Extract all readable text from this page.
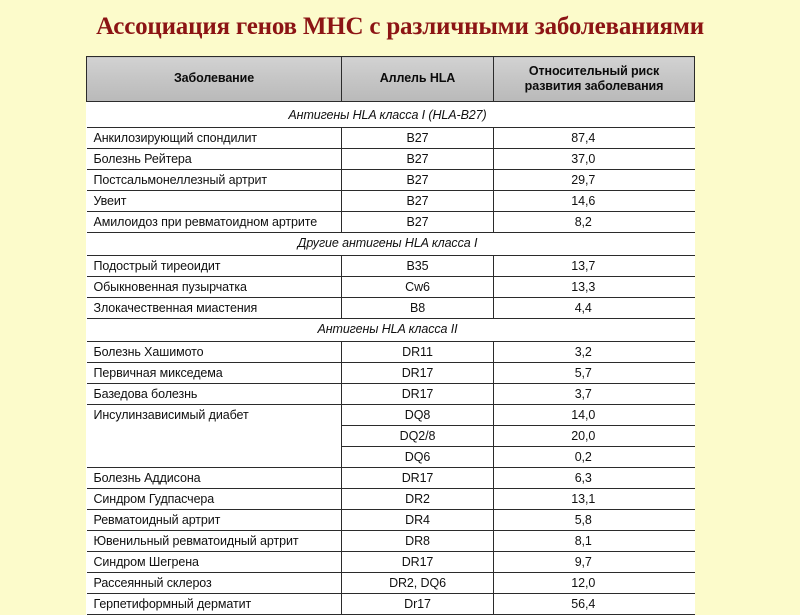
Ассоциация генов МНС с различными заболеваниями
Заболевание	Аллель HLA	Относительный риск
развития заболевания

Антигены HLA класса I (HLA-B27)		
Анкилозирующий спондилит	B27	87,4
Болезнь Рейтера	B27	37,0
Постсальмонеллезный артрит	B27	29,7
Увеит	B27	14,6
Амилоидоз при ревматоидном артрите	B27	8,2
Другие антигены HLA класса I		
Подострый тиреоидит	B35	13,7
Обыкновенная пузырчатка	Cw6	13,3
Злокачественная миастения	B8	4,4
Антигены HLA класса II		
Болезнь Хашимото	DR11	3,2
Первичная микседема	DR17	5,7
Базедова болезнь	DR17	3,7
Инсулинзависимый диабет	DQ8	14,0
	DQ2/8	20,0
	DQ6	0,2
Болезнь Аддисона	DR17	6,3
Синдром Гудпасчера	DR2	13,1
Ревматоидный артрит	DR4	5,8
Ювенильный ревматоидный артрит	DR8	8,1
Синдром Шегрена	DR17	9,7
Рассеянный склероз	DR2, DQ6	12,0
Герпетиформный дерматит	Dr17	56,4
